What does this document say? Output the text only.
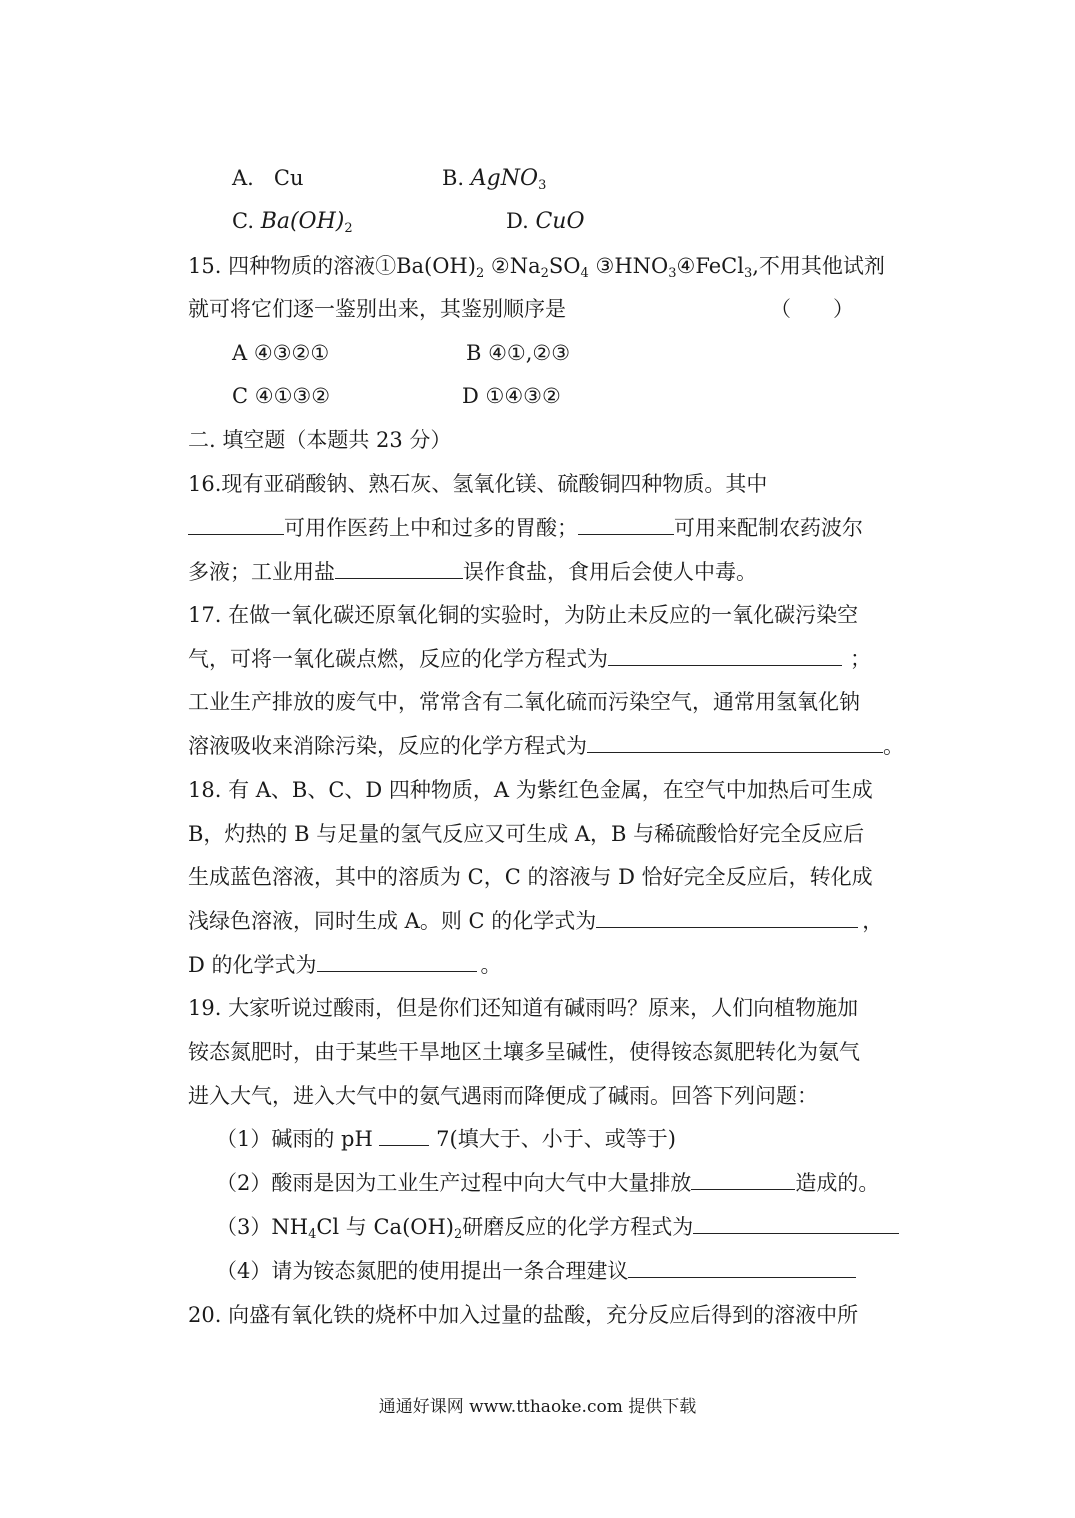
A. Cu	B. AgNO$_3$
C. $Ba(OH)_2$	D. CuO
15. 四种物质的溶液$①Ba(OH)_2$ $②Na_2SO_4$ $③HNO_3④FeCl_3$,不用其他试剂
就可将它们逐一鉴别出来，其鉴别顺序是	（　　）
A ④③②①	B ④①,②③
C ④①③②	D ①④③②
二. 填空题（本题共 23 分）
16.现有亚硝酸钠、熟石灰、氢氧化镁、硫酸铜四种物质。其中
可用作医药上中和过多的胃酸；	可用来配制农药波尔
多液；工业用盐	误作食盐，食用后会使人中毒。
17. 在做一氧化碳还原氧化铜的实验时，为防止未反应的一氧化碳污染空
气，可将一氧化碳点燃，反应的化学方程式为	；
工业生产排放的废气中，常常含有二氧化硫而污染空气，通常用氢氧化钠
溶液吸收来消除污染，反应的化学方程式为	。
18. 有 A、B、C、D 四种物质，A 为紫红色金属，在空气中加热后可生成
B，灼热的 B 与足量的氢气反应又可生成 A，B 与稀硫酸恰好完全反应后
生成蓝色溶液，其中的溶质为 C，C 的溶液与 D 恰好完全反应后，转化成
浅绿色溶液，同时生成 A。则 C 的化学式为	，
D 的化学式为	。
19. 大家听说过酸雨，但是你们还知道有碱雨吗？原来，人们向植物施加
铵态氮肥时，由于某些干旱地区土壤多呈碱性，使得铵态氮肥转化为氨气
进入大气，进入大气中的氨气遇雨而降便成了碱雨。回答下列问题：
（1）碱雨的 pH	7(填大于、小于、或等于)
（2）酸雨是因为工业生产过程中向大气中大量排放	造成的。
$(3)NH_4Cl$ 与 $Ca(OH)_2$研磨反应的化学方程式为
（4）请为铵态氮肥的使用提出一条合理建议
20. 向盛有氧化铁的烧杯中加入过量的盐酸，充分反应后得到的溶液中所
通通好课网 www.tthaoke.com 提供下载
